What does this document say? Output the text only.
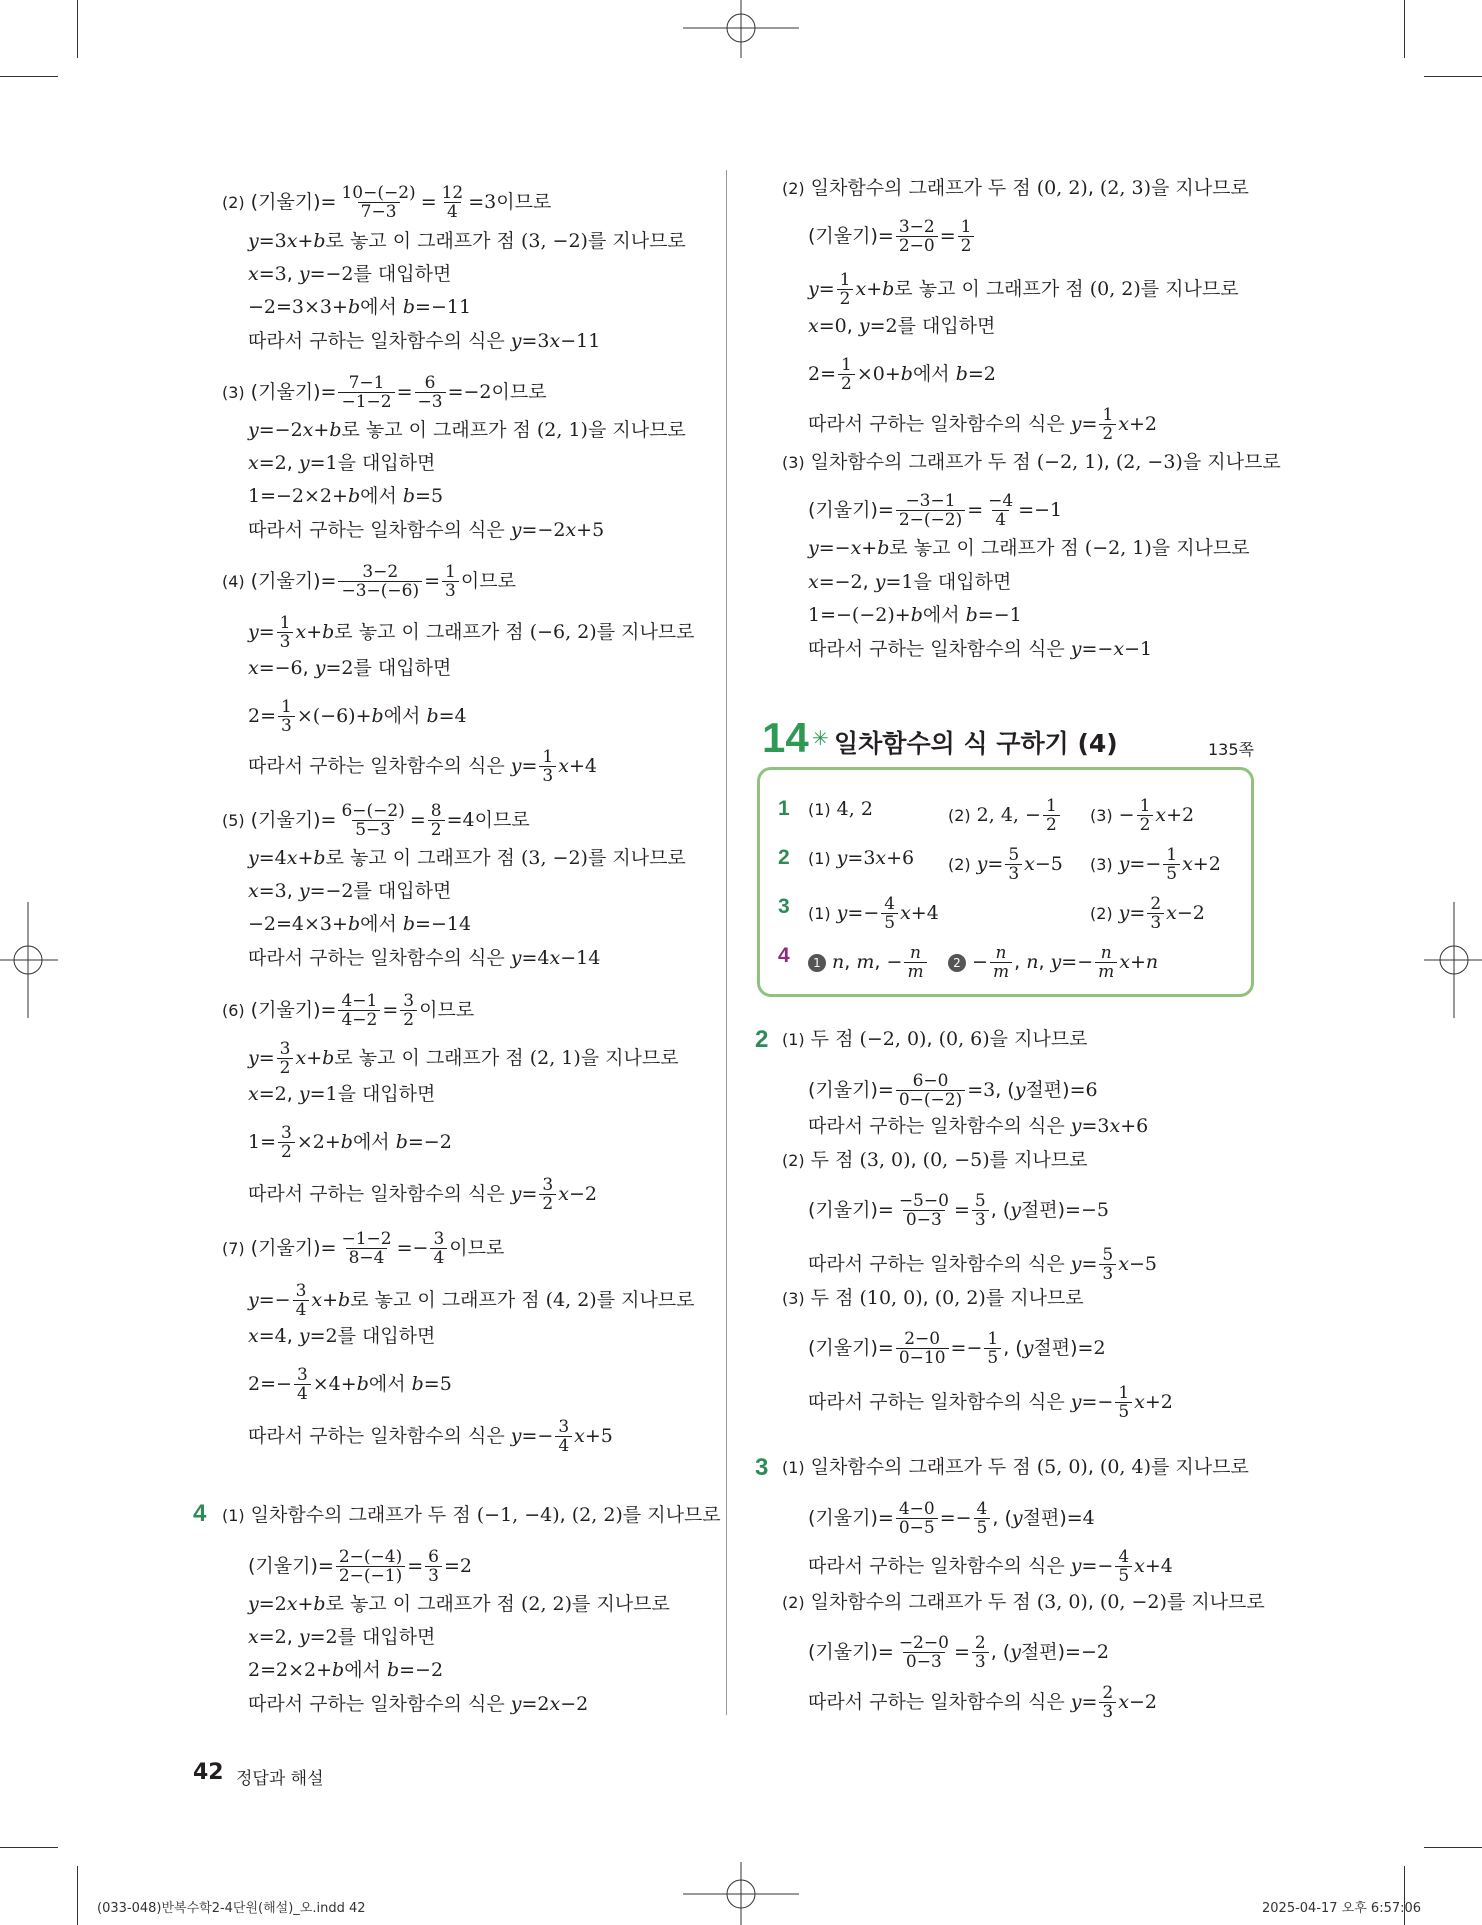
(2) (기울기)= $\frac{10-(-2)}{7-3} = \frac{12}{4} =3$이므로
y=3x+b로 놓고 이 그래프가 점 (3, −2)를 지나므로
x=3, y=−2를 대입하면
−2=3×3+b에서 b=−11
따라서 구하는 일차함수의 식은 y=3x−11
(3) (기울기)= $\frac{7-1}{-1-2} = \frac{6}{-3} =-2$이므로
y=−2x+b로 놓고 이 그래프가 점 (2, 1)을 지나므로
x=2, y=1을 대입하면
1=−2×2+b에서 b=5
따라서 구하는 일차함수의 식은 y=−2x+5
(4) (기울기)= $\frac{3-2}{-3-(-6)} = \frac{1}{3}$ 이므로
$y= \frac{1}{3} x+b$로 놓고 이 그래프가 점 (−6, 2)를 지나므로
x=−6, y=2를 대입하면
$2= \frac{1}{3} \times(-6)+b$에서 b=4
따라서 구하는 일차함수의 식은 $y= \frac{1}{3} x+4$
(5) (기울기)= $\frac{6-(-2)}{5-3} = \frac{8}{2} =4$이므로
y=4x+b로 놓고 이 그래프가 점 (3, −2)를 지나므로
x=3, y=−2를 대입하면
−2=4×3+b에서 b=−14
따라서 구하는 일차함수의 식은 y=4x−14
(6) (기울기)= $\frac{4-1}{4-2} = \frac{3}{2}$ 이므로
$y= \frac{3}{2} x+b$로 놓고 이 그래프가 점 (2, 1)을 지나므로
x=2, y=1을 대입하면
$1= \frac{3}{2} \times 2+b$에서 b=−2
따라서 구하는 일차함수의 식은 $y= \frac{3}{2} x-2$
(7) (기울기)= $\frac{-1-2}{8-4} =- \frac{3}{4}$ 이므로
$y=- \frac{3}{4} x+b$로 놓고 이 그래프가 점 (4, 2)를 지나므로
x=4, y=2를 대입하면
$2=- \frac{3}{4} \times 4+b$에서 b=5
따라서 구하는 일차함수의 식은 $y=- \frac{3}{4} x+5$
4 (1) 일차함수의 그래프가 두 점 (−1, −4), (2, 2)를 지나므로
(기울기)= $\frac{2-(-4)}{2-(-1)} = \frac{6}{3} =2$
y=2x+b로 놓고 이 그래프가 점 (2, 2)를 지나므로
x=2, y=2를 대입하면
2=2×2+b에서 b=−2
따라서 구하는 일차함수의 식은 y=2x−2
(2) 일차함수의 그래프가 두 점 (0, 2), (2, 3)을 지나므로
(기울기)= $\frac{3-2}{2-0} = \frac{1}{2}$
$y= \frac{1}{2} x+b$로 놓고 이 그래프가 점 (0, 2)를 지나므로
x=0, y=2를 대입하면
$2= \frac{1}{2} \times 0+b$에서 b=2
따라서 구하는 일차함수의 식은 $y= \frac{1}{2} x+2$
(3) 일차함수의 그래프가 두 점 (−2, 1), (2, −3)을 지나므로
(기울기)= $\frac{-3-1}{2-(-2)} = \frac{-4}{4} =-1$
y=−x+b로 놓고 이 그래프가 점 (−2, 1)을 지나므로
x=−2, y=1을 대입하면
1=−(−2)+b에서 b=−1
따라서 구하는 일차함수의 식은 y=−x−1
14 ✳ 일차함수의 식 구하기 (4)	135쪽
1 (1) 4, 2	(2) 2, 4, − $\frac{1}{2} (3) - \frac{1}{2} x+2$
2 (1) y=3x+6 (2) $y= \frac{5}{3} x-5$ (3) $y=- \frac{1}{5} x+2$
3 (1) $y=- \frac{4}{5} x+4$	(2) $y= \frac{2}{3} x-2$
4	1 n, m, − $\frac{n}{m}$	$2 - \frac{n}{m}$ , n, $y=- \frac{n}{m} x+n$
2 (1) 두 점 (−2, 0), (0, 6)을 지나므로
(기울기)= $\frac{6-0}{0-(-2)} =3$, (y절편)=6
따라서 구하는 일차함수의 식은 y=3x+6
(2) 두 점 (3, 0), (0, −5)를 지나므로
(기울기)= $\frac{-5-0}{0-3} = \frac{5}{3}$ , (y절편)=−5
따라서 구하는 일차함수의 식은 $y= \frac{5}{3} x-5$
(3) 두 점 (10, 0), (0, 2)를 지나므로
(기울기)= $\frac{2-0}{0-10} =- \frac{1}{5}$ , (y절편)=2
따라서 구하는 일차함수의 식은 $y=- \frac{1}{5} x+2$
3 (1) 일차함수의 그래프가 두 점 (5, 0), (0, 4)를 지나므로
(기울기)= $\frac{4-0}{0-5} =- \frac{4}{5}$ , (y절편)=4
따라서 구하는 일차함수의 식은 $y=- \frac{4}{5} x+4$
(2) 일차함수의 그래프가 두 점 (3, 0), (0, −2)를 지나므로
(기울기)= $\frac{-2-0}{0-3} = \frac{2}{3}$ , (y절편)=−2
따라서 구하는 일차함수의 식은 $y= \frac{2}{3} x-2$
42 정답과 해설
(033-048)반복수학2-4단원(해설)_오.indd 42	2025-04-17 오후 6:57:06
